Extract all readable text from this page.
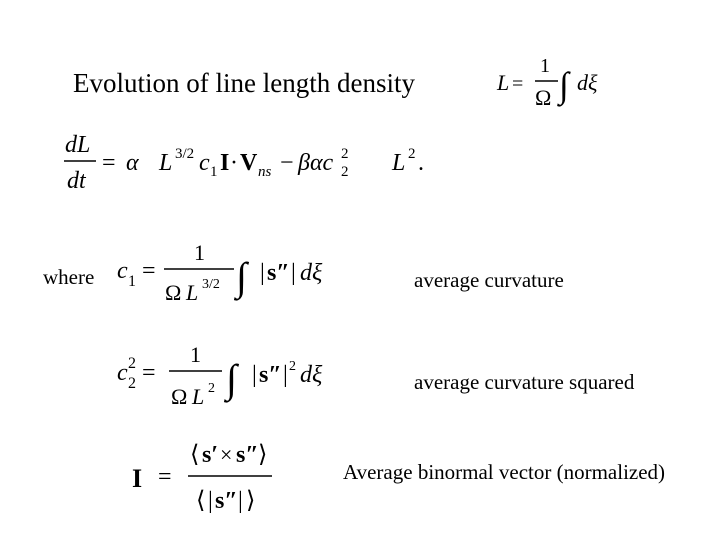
Evolution of line length density	L =
1
Ω ∫ dξ
dL
dt
= α L 3/2 c 1 I · V ns − βαc 2
2 L 2 .
where c 1 =
1
Ω L 3/2 ∫ | s″ | dξ	average curvature
c 2
2 =
1
Ω L 2 ∫ | s″ | 2 dξ	average curvature squared
I =
⟨ s′ × s″ ⟩
⟨ | s″ | ⟩
Average binormal vector (normalized)
